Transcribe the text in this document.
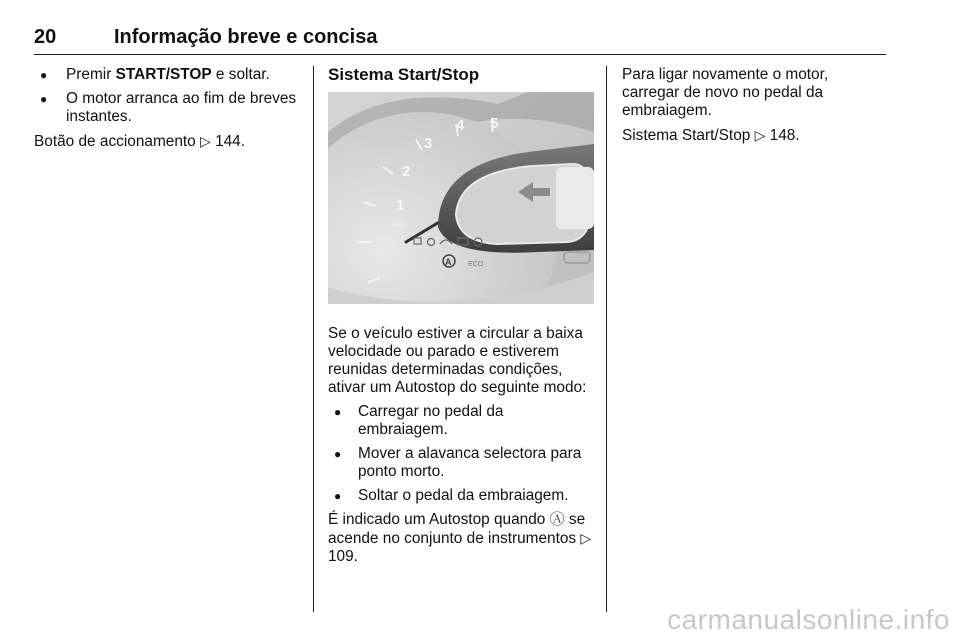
20	Informação breve e concisa
● Premir START/STOP e soltar.
● O motor arranca ao fim de breves instantes.

Botão de accionamento ▷ 144.

Sistema Start/Stop
1
2
3
4 5
x1000
A ECO

Se o veículo estiver a circular a baixa velocidade ou parado e estiverem reunidas determinadas condições, ativar um Autostop do seguinte modo:

● Carregar no pedal da embraiagem.
● Mover a alavanca selectora para ponto morto.
● Soltar o pedal da embraiagem.

É indicado um Autostop quando Ⓐ se acende no conjunto de instrumentos ▷ 109.

Para ligar novamente o motor, carregar de novo no pedal da embraiagem.

Sistema Start/Stop ▷ 148.

carmanualsonline.info
